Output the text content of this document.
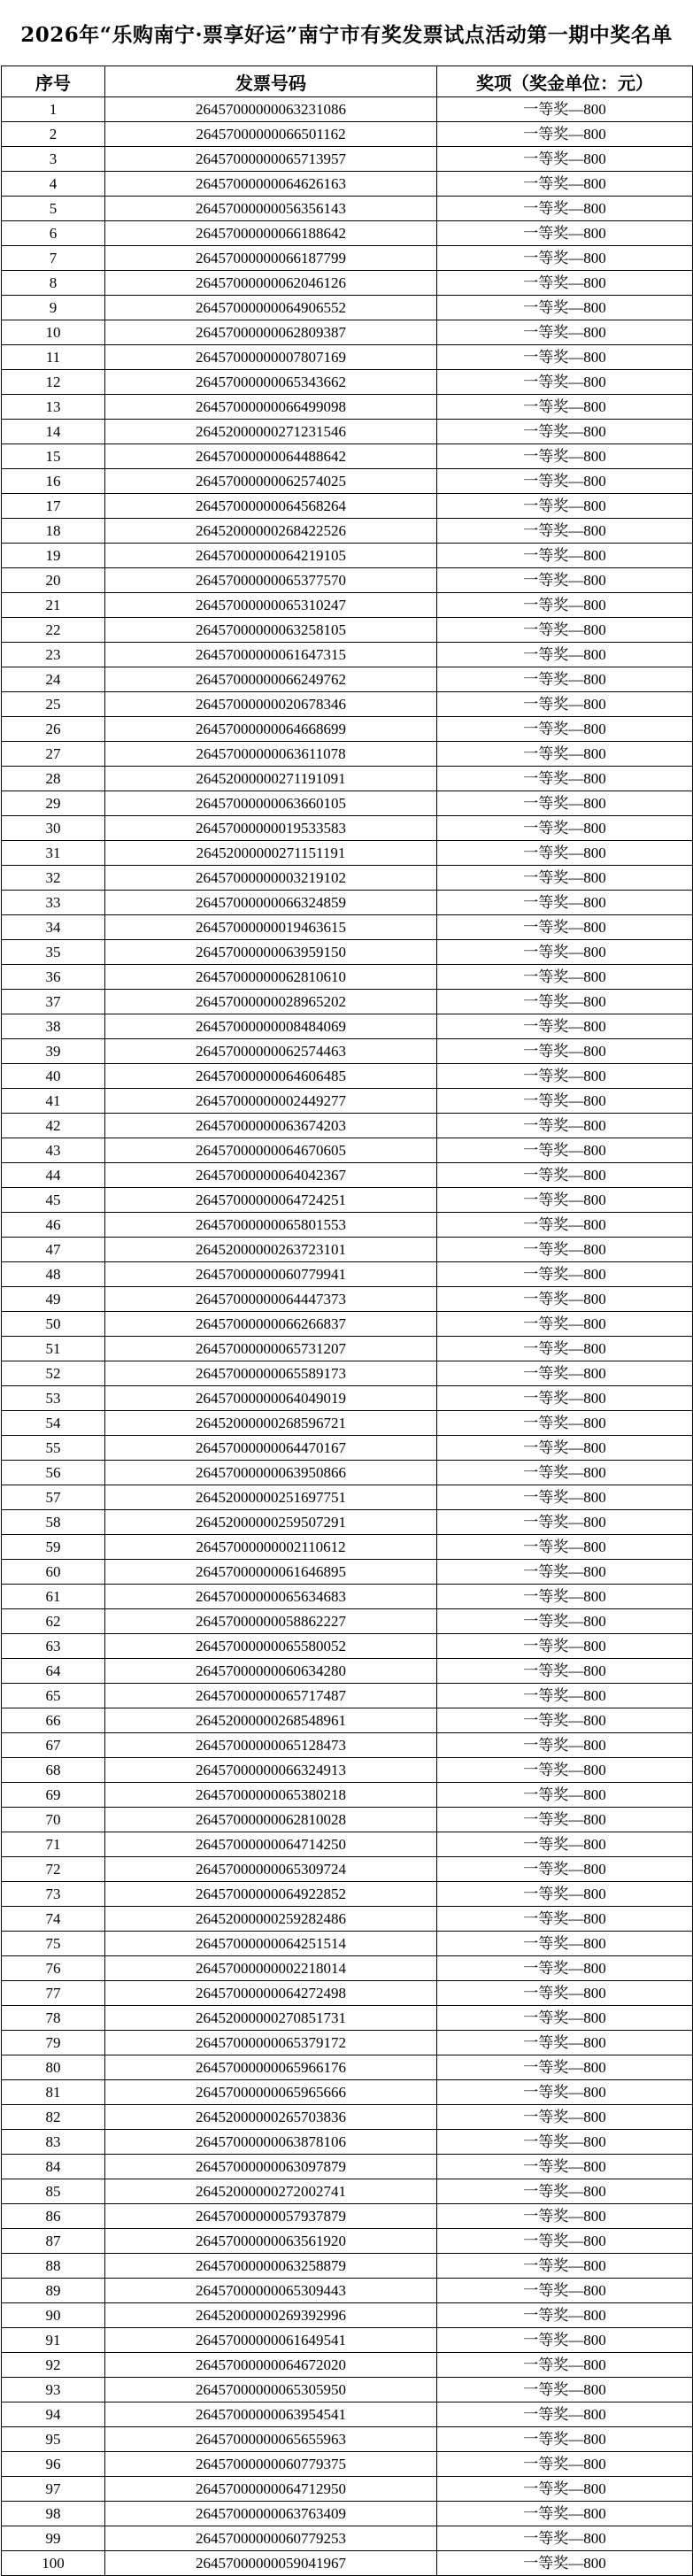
2026年“乐购南宁·票享好运”南宁市有奖发票试点活动第一期中奖名单
序号	发票号码	奖项（奖金单位：元）
1	26457000000063231086	一等奖—800
2	26457000000066501162	一等奖—800
3	26457000000065713957	一等奖—800
4	26457000000064626163	一等奖—800
5	26457000000056356143	一等奖—800
6	26457000000066188642	一等奖—800
7	26457000000066187799	一等奖—800
8	26457000000062046126	一等奖—800
9	26457000000064906552	一等奖—800
10	26457000000062809387	一等奖—800
11	26457000000007807169	一等奖—800
12	26457000000065343662	一等奖—800
13	26457000000066499098	一等奖—800
14	26452000000271231546	一等奖—800
15	26457000000064488642	一等奖—800
16	26457000000062574025	一等奖—800
17	26457000000064568264	一等奖—800
18	26452000000268422526	一等奖—800
19	26457000000064219105	一等奖—800
20	26457000000065377570	一等奖—800
21	26457000000065310247	一等奖—800
22	26457000000063258105	一等奖—800
23	26457000000061647315	一等奖—800
24	26457000000066249762	一等奖—800
25	26457000000020678346	一等奖—800
26	26457000000064668699	一等奖—800
27	26457000000063611078	一等奖—800
28	26452000000271191091	一等奖—800
29	26457000000063660105	一等奖—800
30	26457000000019533583	一等奖—800
31	26452000000271151191	一等奖—800
32	26457000000003219102	一等奖—800
33	26457000000066324859	一等奖—800
34	26457000000019463615	一等奖—800
35	26457000000063959150	一等奖—800
36	26457000000062810610	一等奖—800
37	26457000000028965202	一等奖—800
38	26457000000008484069	一等奖—800
39	26457000000062574463	一等奖—800
40	26457000000064606485	一等奖—800
41	26457000000002449277	一等奖—800
42	26457000000063674203	一等奖—800
43	26457000000064670605	一等奖—800
44	26457000000064042367	一等奖—800
45	26457000000064724251	一等奖—800
46	26457000000065801553	一等奖—800
47	26452000000263723101	一等奖—800
48	26457000000060779941	一等奖—800
49	26457000000064447373	一等奖—800
50	26457000000066266837	一等奖—800
51	26457000000065731207	一等奖—800
52	26457000000065589173	一等奖—800
53	26457000000064049019	一等奖—800
54	26452000000268596721	一等奖—800
55	26457000000064470167	一等奖—800
56	26457000000063950866	一等奖—800
57	26452000000251697751	一等奖—800
58	26452000000259507291	一等奖—800
59	26457000000002110612	一等奖—800
60	26457000000061646895	一等奖—800
61	26457000000065634683	一等奖—800
62	26457000000058862227	一等奖—800
63	26457000000065580052	一等奖—800
64	26457000000060634280	一等奖—800
65	26457000000065717487	一等奖—800
66	26452000000268548961	一等奖—800
67	26457000000065128473	一等奖—800
68	26457000000066324913	一等奖—800
69	26457000000065380218	一等奖—800
70	26457000000062810028	一等奖—800
71	26457000000064714250	一等奖—800
72	26457000000065309724	一等奖—800
73	26457000000064922852	一等奖—800
74	26452000000259282486	一等奖—800
75	26457000000064251514	一等奖—800
76	26457000000002218014	一等奖—800
77	26457000000064272498	一等奖—800
78	26452000000270851731	一等奖—800
79	26457000000065379172	一等奖—800
80	26457000000065966176	一等奖—800
81	26457000000065965666	一等奖—800
82	26452000000265703836	一等奖—800
83	26457000000063878106	一等奖—800
84	26457000000063097879	一等奖—800
85	26452000000272002741	一等奖—800
86	26457000000057937879	一等奖—800
87	26457000000063561920	一等奖—800
88	26457000000063258879	一等奖—800
89	26457000000065309443	一等奖—800
90	26452000000269392996	一等奖—800
91	26457000000061649541	一等奖—800
92	26457000000064672020	一等奖—800
93	26457000000065305950	一等奖—800
94	26457000000063954541	一等奖—800
95	26457000000065655963	一等奖—800
96	26457000000060779375	一等奖—800
97	26457000000064712950	一等奖—800
98	26457000000063763409	一等奖—800
99	26457000000060779253	一等奖—800
100	26457000000059041967	一等奖—800
